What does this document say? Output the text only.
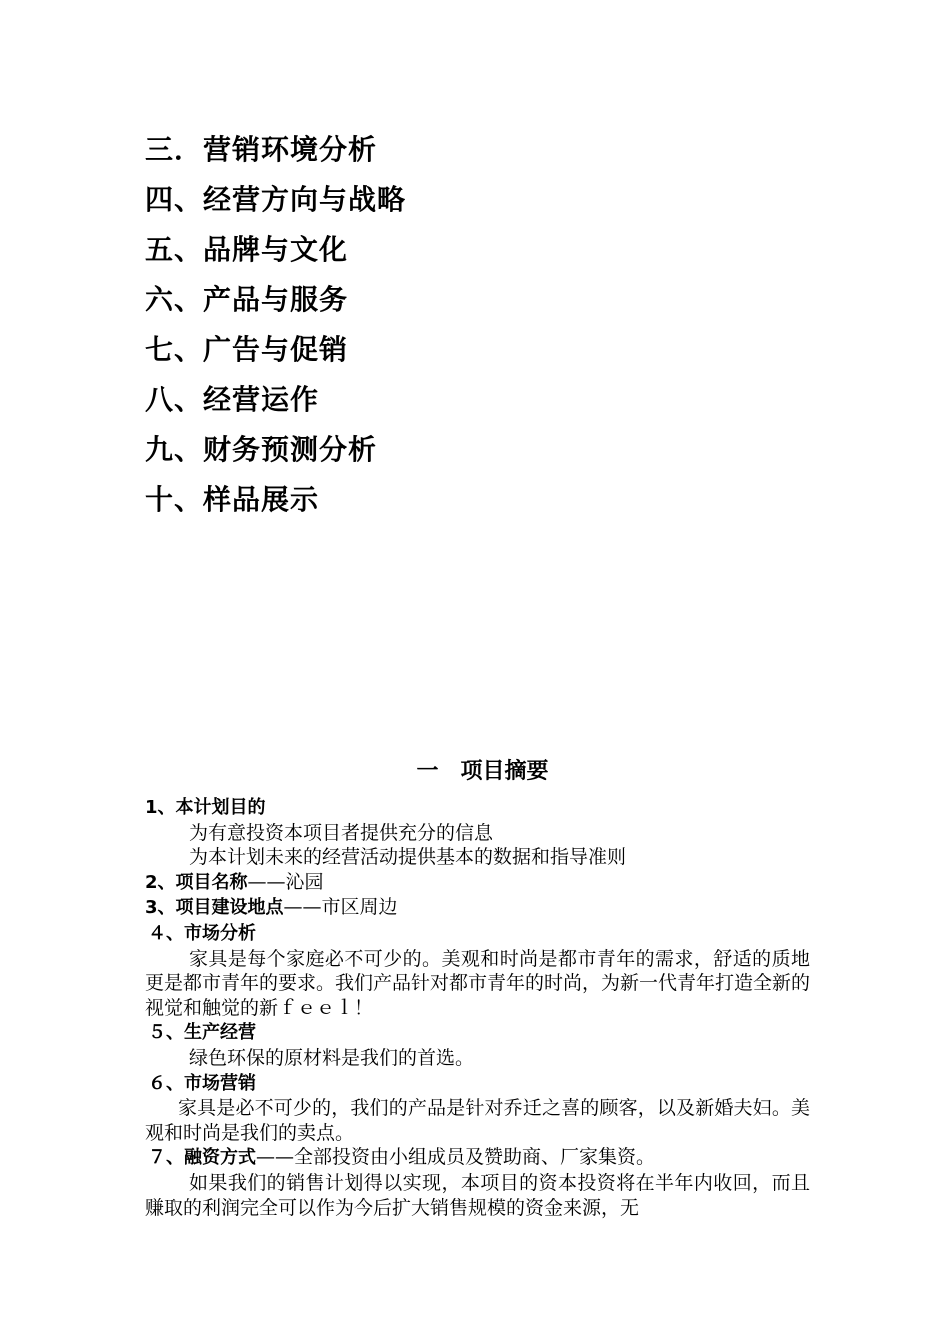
三．营销环境分析
四、经营方向与战略
五、品牌与文化
六、产品与服务
七、广告与促销
八、经营运作
九、财务预测分析
十、样品展示
一　项目摘要
1、本计划目的
为有意投资本项目者提供充分的信息
为本计划未来的经营活动提供基本的数据和指导准则
2、项目名称——沁园
3、项目建设地点——市区周边
４、市场分析
家具是每个家庭必不可少的。美观和时尚是都市青年的需求，舒适的质地更是都市青年的要求。我们产品针对都市青年的时尚，为新一代青年打造全新的视觉和触觉的新ｆｅｅｌ！
５、生产经营
绿色环保的原材料是我们的首选。
６、市场营销
家具是必不可少的，我们的产品是针对乔迁之喜的顾客，以及新婚夫妇。美观和时尚是我们的卖点。
７、融资方式——全部投资由小组成员及赞助商、厂家集资。
如果我们的销售计划得以实现，本项目的资本投资将在半年内收回，而且赚取的利润完全可以作为今后扩大销售规模的资金来源，无
